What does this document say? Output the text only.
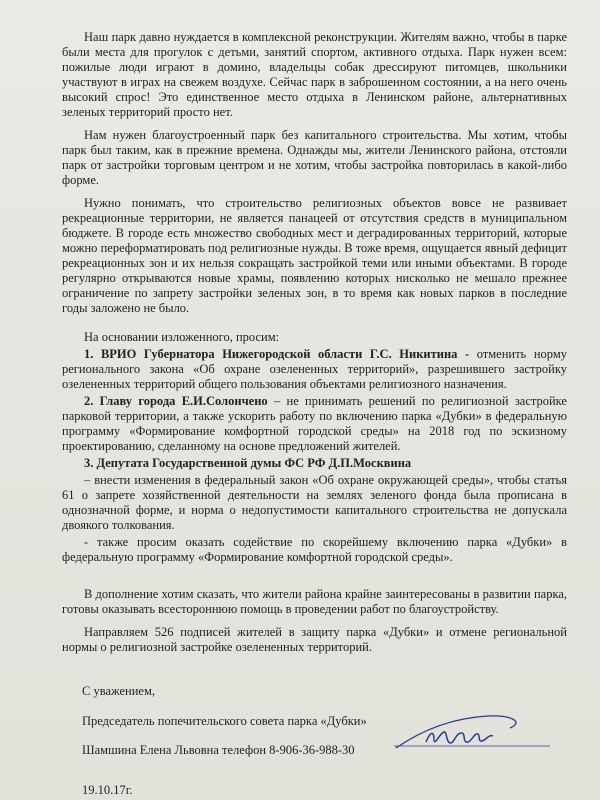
Наш парк давно нуждается в комплексной реконструкции. Жителям важно, чтобы в парке были места для прогулок с детьми, занятий спортом, активного отдыха. Парк нужен всем: пожилые люди играют в домино, владельцы собак дрессируют питомцев, школьники участвуют в играх на свежем воздухе. Сейчас парк в заброшенном состоянии, а на него очень высокий спрос! Это единственное место отдыха в Ленинском районе, альтернативных зеленых территорий просто нет.

Нам нужен благоустроенный парк без капитального строительства. Мы хотим, чтобы парк был таким, как в прежние времена. Однажды мы, жители Ленинского района, отстояли парк от застройки торговым центром и не хотим, чтобы застройка повторилась в какой-либо форме.

Нужно понимать, что строительство религиозных объектов вовсе не развивает рекреационные территории, не является панацеей от отсутствия средств в муниципальном бюджете. В городе есть множество свободных мест и деградированных территорий, которые можно переформатировать под религиозные нужды. В тоже время, ощущается явный дефицит рекреационных зон и их нельзя сокращать застройкой теми или иными объектами. В городе регулярно открываются новые храмы, появлению которых нисколько не мешало прежнее ограничение по запрету застройки зеленых зон, в то время как новых парков в последние годы заложено не было.

На основании изложенного, просим:

1. ВРИО Губернатора Нижегородской области Г.С. Никитина - отменить норму регионального закона «Об охране озелененных территорий», разрешившего застройку озелененных территорий общего пользования объектами религиозного назначения.

2. Главу города Е.И.Солончено – не принимать решений по религиозной застройке парковой территории, а также ускорить работу по включению парка «Дубки» в федеральную программу «Формирование комфортной городской среды» на 2018 год по эскизному проектированию, сделанному на основе предложений жителей.

3. Депутата Государственной думы ФС РФ Д.П.Москвина

– внести изменения в федеральный закон «Об охране окружающей среды», чтобы статья 61 о запрете хозяйственной деятельности на землях зеленого фонда была прописана в однозначной форме, и норма о недопустимости капитального строительства не допускала двоякого толкования.

- также просим оказать содействие по скорейшему включению парка «Дубки» в федеральную программу «Формирование комфортной городской среды».

В дополнение хотим сказать, что жители района крайне заинтересованы в развитии парка, готовы оказывать всестороннюю помощь в проведении работ по благоустройству.

Направляем 526 подписей жителей в защиту парка «Дубки» и отмене региональной нормы о религиозной застройке озелененных территорий.

С уважением,
Председатель попечительского совета парка «Дубки»
Шамшина Елена Львовна телефон 8-906-36-988-30
19.10.17г.
